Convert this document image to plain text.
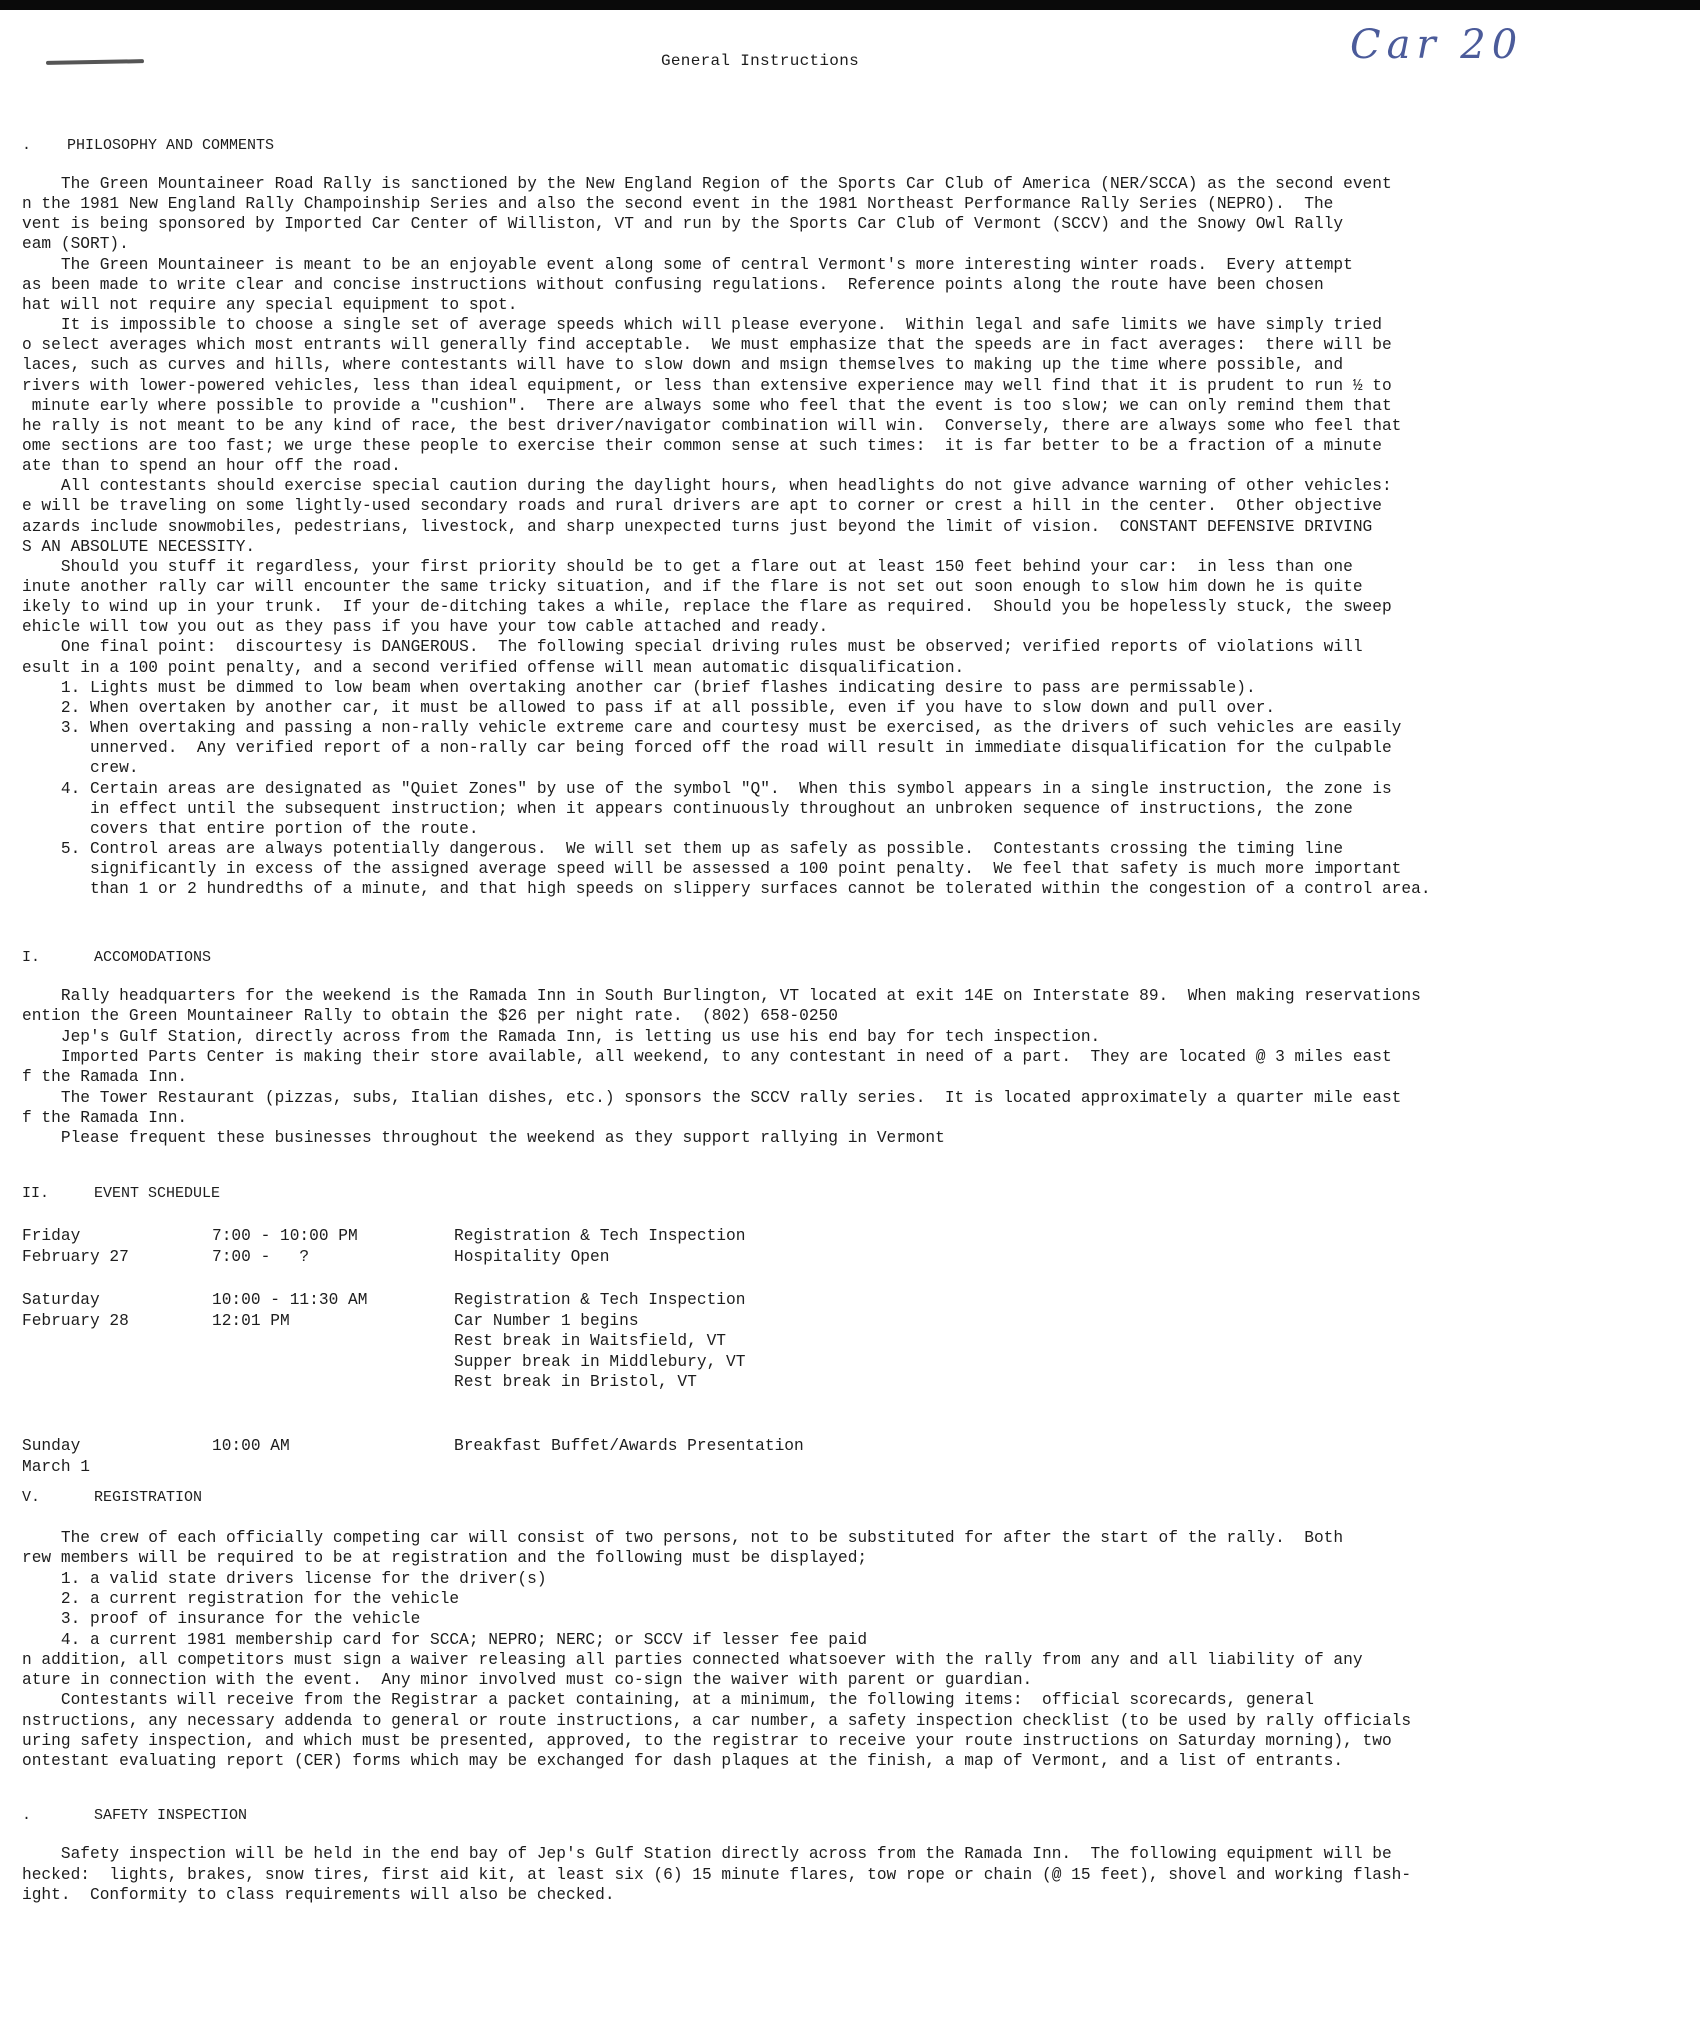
General Instructions	Car 20
.    PHILOSOPHY AND COMMENTS
The Green Mountaineer Road Rally is sanctioned by the New England Region of the Sports Car Club of America (NER/SCCA) as the second event
n the 1981 New England Rally Champoinship Series and also the second event in the 1981 Northeast Performance Rally Series (NEPRO).  The
vent is being sponsored by Imported Car Center of Williston, VT and run by the Sports Car Club of Vermont (SCCV) and the Snowy Owl Rally
eam (SORT).
The Green Mountaineer is meant to be an enjoyable event along some of central Vermont's more interesting winter roads.  Every attempt
as been made to write clear and concise instructions without confusing regulations.  Reference points along the route have been chosen
hat will not require any special equipment to spot.
It is impossible to choose a single set of average speeds which will please everyone.  Within legal and safe limits we have simply tried
o select averages which most entrants will generally find acceptable.  We must emphasize that the speeds are in fact averages:  there will be
laces, such as curves and hills, where contestants will have to slow down and msign themselves to making up the time where possible, and
rivers with lower-powered vehicles, less than ideal equipment, or less than extensive experience may well find that it is prudent to run ½ to
minute early where possible to provide a "cushion".  There are always some who feel that the event is too slow; we can only remind them that
he rally is not meant to be any kind of race, the best driver/navigator combination will win.  Conversely, there are always some who feel that
ome sections are too fast; we urge these people to exercise their common sense at such times:  it is far better to be a fraction of a minute
ate than to spend an hour off the road.
All contestants should exercise special caution during the daylight hours, when headlights do not give advance warning of other vehicles:
e will be traveling on some lightly-used secondary roads and rural drivers are apt to corner or crest a hill in the center.  Other objective
azards include snowmobiles, pedestrians, livestock, and sharp unexpected turns just beyond the limit of vision.  CONSTANT DEFENSIVE DRIVING
S AN ABSOLUTE NECESSITY.
Should you stuff it regardless, your first priority should be to get a flare out at least 150 feet behind your car:  in less than one
inute another rally car will encounter the same tricky situation, and if the flare is not set out soon enough to slow him down he is quite
ikely to wind up in your trunk.  If your de-ditching takes a while, replace the flare as required.  Should you be hopelessly stuck, the sweep
ehicle will tow you out as they pass if you have your tow cable attached and ready.
One final point:  discourtesy is DANGEROUS.  The following special driving rules must be observed; verified reports of violations will
esult in a 100 point penalty, and a second verified offense will mean automatic disqualification.
1. Lights must be dimmed to low beam when overtaking another car (brief flashes indicating desire to pass are permissable).
2. When overtaken by another car, it must be allowed to pass if at all possible, even if you have to slow down and pull over.
3. When overtaking and passing a non-rally vehicle extreme care and courtesy must be exercised, as the drivers of such vehicles are easily
unnerved.  Any verified report of a non-rally car being forced off the road will result in immediate disqualification for the culpable
crew.
4. Certain areas are designated as "Quiet Zones" by use of the symbol "Q".  When this symbol appears in a single instruction, the zone is
in effect until the subsequent instruction; when it appears continuously throughout an unbroken sequence of instructions, the zone
covers that entire portion of the route.
5. Control areas are always potentially dangerous.  We will set them up as safely as possible.  Contestants crossing the timing line
significantly in excess of the assigned average speed will be assessed a 100 point penalty.  We feel that safety is much more important
than 1 or 2 hundredths of a minute, and that high speeds on slippery surfaces cannot be tolerated within the congestion of a control area.
I.      ACCOMODATIONS
Rally headquarters for the weekend is the Ramada Inn in South Burlington, VT located at exit 14E on Interstate 89.  When making reservations
ention the Green Mountaineer Rally to obtain the $26 per night rate.  (802) 658-0250
Jep's Gulf Station, directly across from the Ramada Inn, is letting us use his end bay for tech inspection.
Imported Parts Center is making their store available, all weekend, to any contestant in need of a part.  They are located @ 3 miles east
f the Ramada Inn.
The Tower Restaurant (pizzas, subs, Italian dishes, etc.) sponsors the SCCV rally series.  It is located approximately a quarter mile east
f the Ramada Inn.
Please frequent these businesses throughout the weekend as they support rallying in Vermont
II.     EVENT SCHEDULE
Friday
February 27
7:00 - 10:00 PM
7:00 -   ?
Registration & Tech Inspection
Hospitality Open
Saturday
February 28
10:00 - 11:30 AM
12:01 PM
Registration & Tech Inspection
Car Number 1 begins
Rest break in Waitsfield, VT
Supper break in Middlebury, VT
Rest break in Bristol, VT
Sunday
March 1
10:00 AM	Breakfast Buffet/Awards Presentation
V.      REGISTRATION
The crew of each officially competing car will consist of two persons, not to be substituted for after the start of the rally.  Both
rew members will be required to be at registration and the following must be displayed;
1. a valid state drivers license for the driver(s)
2. a current registration for the vehicle
3. proof of insurance for the vehicle
4. a current 1981 membership card for SCCA; NEPRO; NERC; or SCCV if lesser fee paid
n addition, all competitors must sign a waiver releasing all parties connected whatsoever with the rally from any and all liability of any
ature in connection with the event.  Any minor involved must co-sign the waiver with parent or guardian.
Contestants will receive from the Registrar a packet containing, at a minimum, the following items:  official scorecards, general
nstructions, any necessary addenda to general or route instructions, a car number, a safety inspection checklist (to be used by rally officials
uring safety inspection, and which must be presented, approved, to the registrar to receive your route instructions on Saturday morning), two
ontestant evaluating report (CER) forms which may be exchanged for dash plaques at the finish, a map of Vermont, and a list of entrants.
.       SAFETY INSPECTION
Safety inspection will be held in the end bay of Jep's Gulf Station directly across from the Ramada Inn.  The following equipment will be
hecked:  lights, brakes, snow tires, first aid kit, at least six (6) 15 minute flares, tow rope or chain (@ 15 feet), shovel and working flash-
ight.  Conformity to class requirements will also be checked.
